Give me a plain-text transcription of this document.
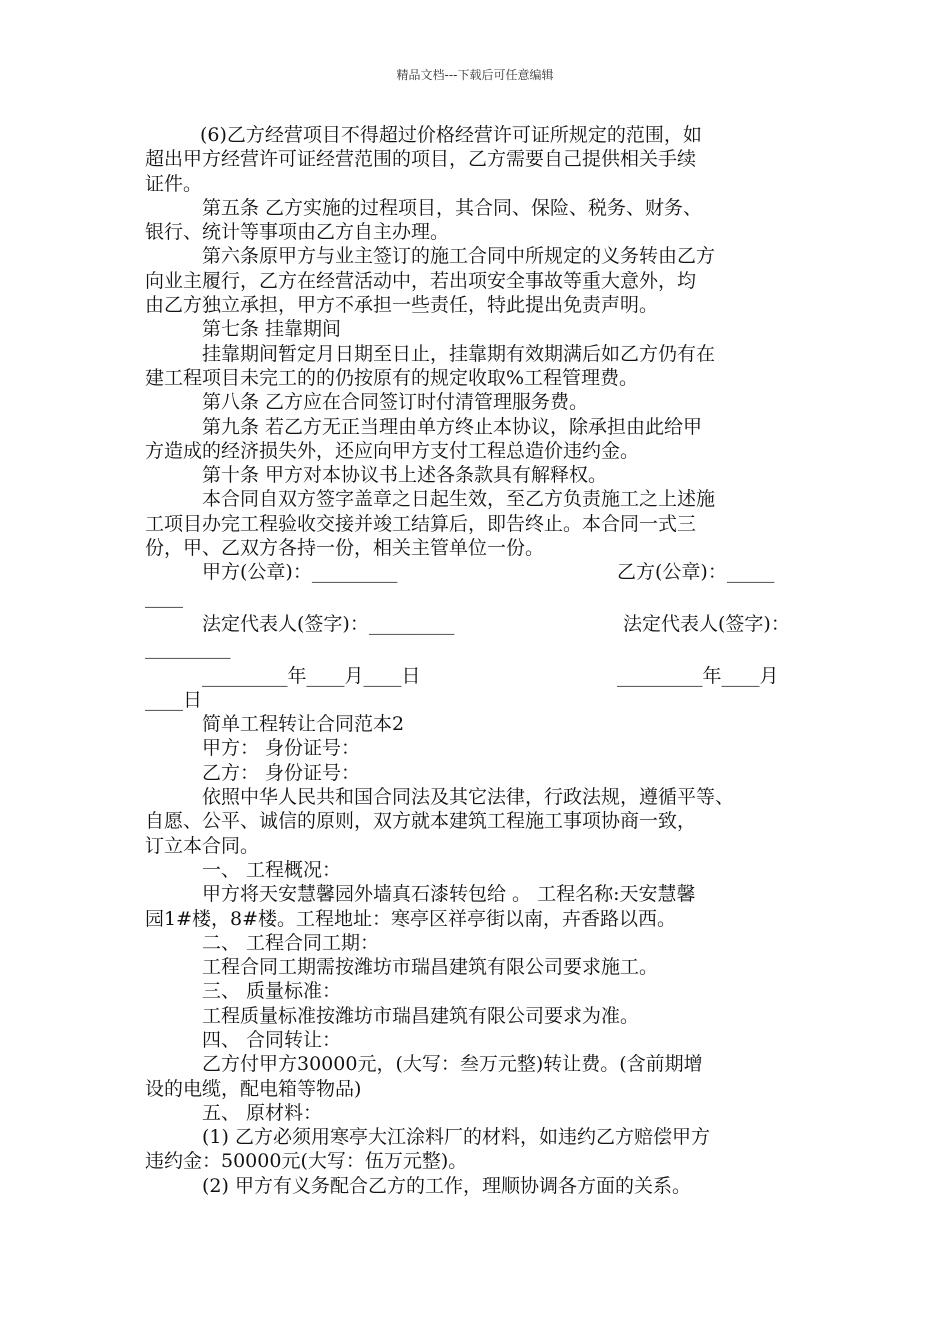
精品文档---下载后可任意编辑

(6)乙方经营项目不得超过价格经营许可证所规定的范围，如

超出甲方经营许可证经营范围的项目，乙方需要自己提供相关手续

证件。

第五条 乙方实施的过程项目，其合同、保险、税务、财务、

银行、统计等事项由乙方自主办理。

第六条原甲方与业主签订的施工合同中所规定的义务转由乙方

向业主履行，乙方在经营活动中，若出项安全事故等重大意外，均

由乙方独立承担，甲方不承担一些责任，特此提出免责声明。

第七条 挂靠期间

挂靠期间暂定月日期至日止，挂靠期有效期满后如乙方仍有在

建工程项目未完工的的仍按原有的规定收取%工程管理费。

第八条 乙方应在合同签订时付清管理服务费。

第九条 若乙方无正当理由单方终止本协议，除承担由此给甲

方造成的经济损失外，还应向甲方支付工程总造价违约金。

第十条 甲方对本协议书上述各条款具有解释权。

本合同自双方签字盖章之日起生效，至乙方负责施工之上述施

工项目办完工程验收交接并竣工结算后，即告终止。本合同一式三

份，甲、乙双方各持一份，相关主管单位一份。

甲方(公章)：_________	乙方(公章)：_____

____

法定代表人(签字)：_________	法定代表人(签字)：

_________

_________年____月____日	_________年____月

____日

简单工程转让合同范本2

甲方： 身份证号：

乙方： 身份证号：

依照中华人民共和国合同法及其它法律，行政法规，遵循平等、

自愿、公平、诚信的原则，双方就本建筑工程施工事项协商一致，

订立本合同。

一、 工程概况：

甲方将天安慧馨园外墙真石漆转包给 。 工程名称:天安慧馨

园1#楼，8#楼。工程地址：寒亭区祥亭街以南，卉香路以西。

二、 工程合同工期：

工程合同工期需按潍坊市瑞昌建筑有限公司要求施工。

三、 质量标准：

工程质量标准按潍坊市瑞昌建筑有限公司要求为准。

四、 合同转让：

乙方付甲方30000元，(大写：叁万元整)转让费。(含前期增

设的电缆，配电箱等物品)

五、 原材料：

(1) 乙方必须用寒亭大江涂料厂的材料，如违约乙方赔偿甲方

违约金：50000元(大写：伍万元整)。

(2) 甲方有义务配合乙方的工作，理顺协调各方面的关系。
